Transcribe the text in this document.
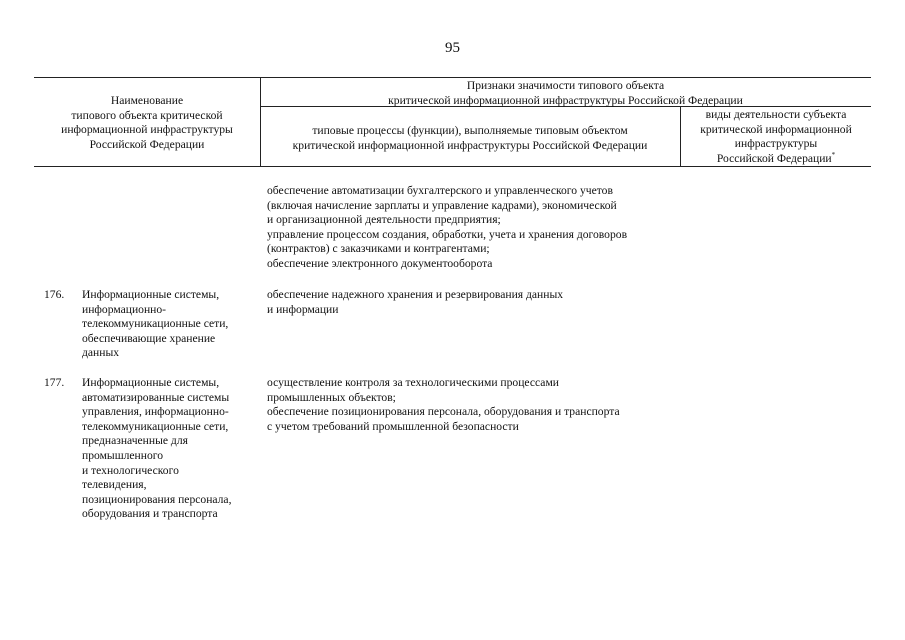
95
Наименование
типового объекта критической
информационной инфраструктуры
Российской Федерации
Признаки значимости типового объекта
критической информационной инфраструктуры Российской Федерации
типовые процессы (функции), выполняемые типовым объектом
критической информационной инфраструктуры Российской Федерации
виды деятельности субъекта
критической информационной
инфраструктуры
Российской Федерации*
обеспечение автоматизации бухгалтерского и управленческого учетов
(включая начисление зарплаты и управление кадрами), экономической
и организационной деятельности предприятия;
управление процессом создания, обработки, учета и хранения договоров
(контрактов) с заказчиками и контрагентами;
обеспечение электронного документооборота
176.	Информационные системы,
информационно-
телекоммуникационные сети,
обеспечивающие хранение
данных
обеспечение надежного хранения и резервирования данных
и информации
177.	Информационные системы,
автоматизированные системы
управления, информационно-
телекоммуникационные сети,
предназначенные для
промышленного
и технологического
телевидения,
позиционирования персонала,
оборудования и транспорта
осуществление контроля за технологическими процессами
промышленных объектов;
обеспечение позиционирования персонала, оборудования и транспорта
с учетом требований промышленной безопасности
